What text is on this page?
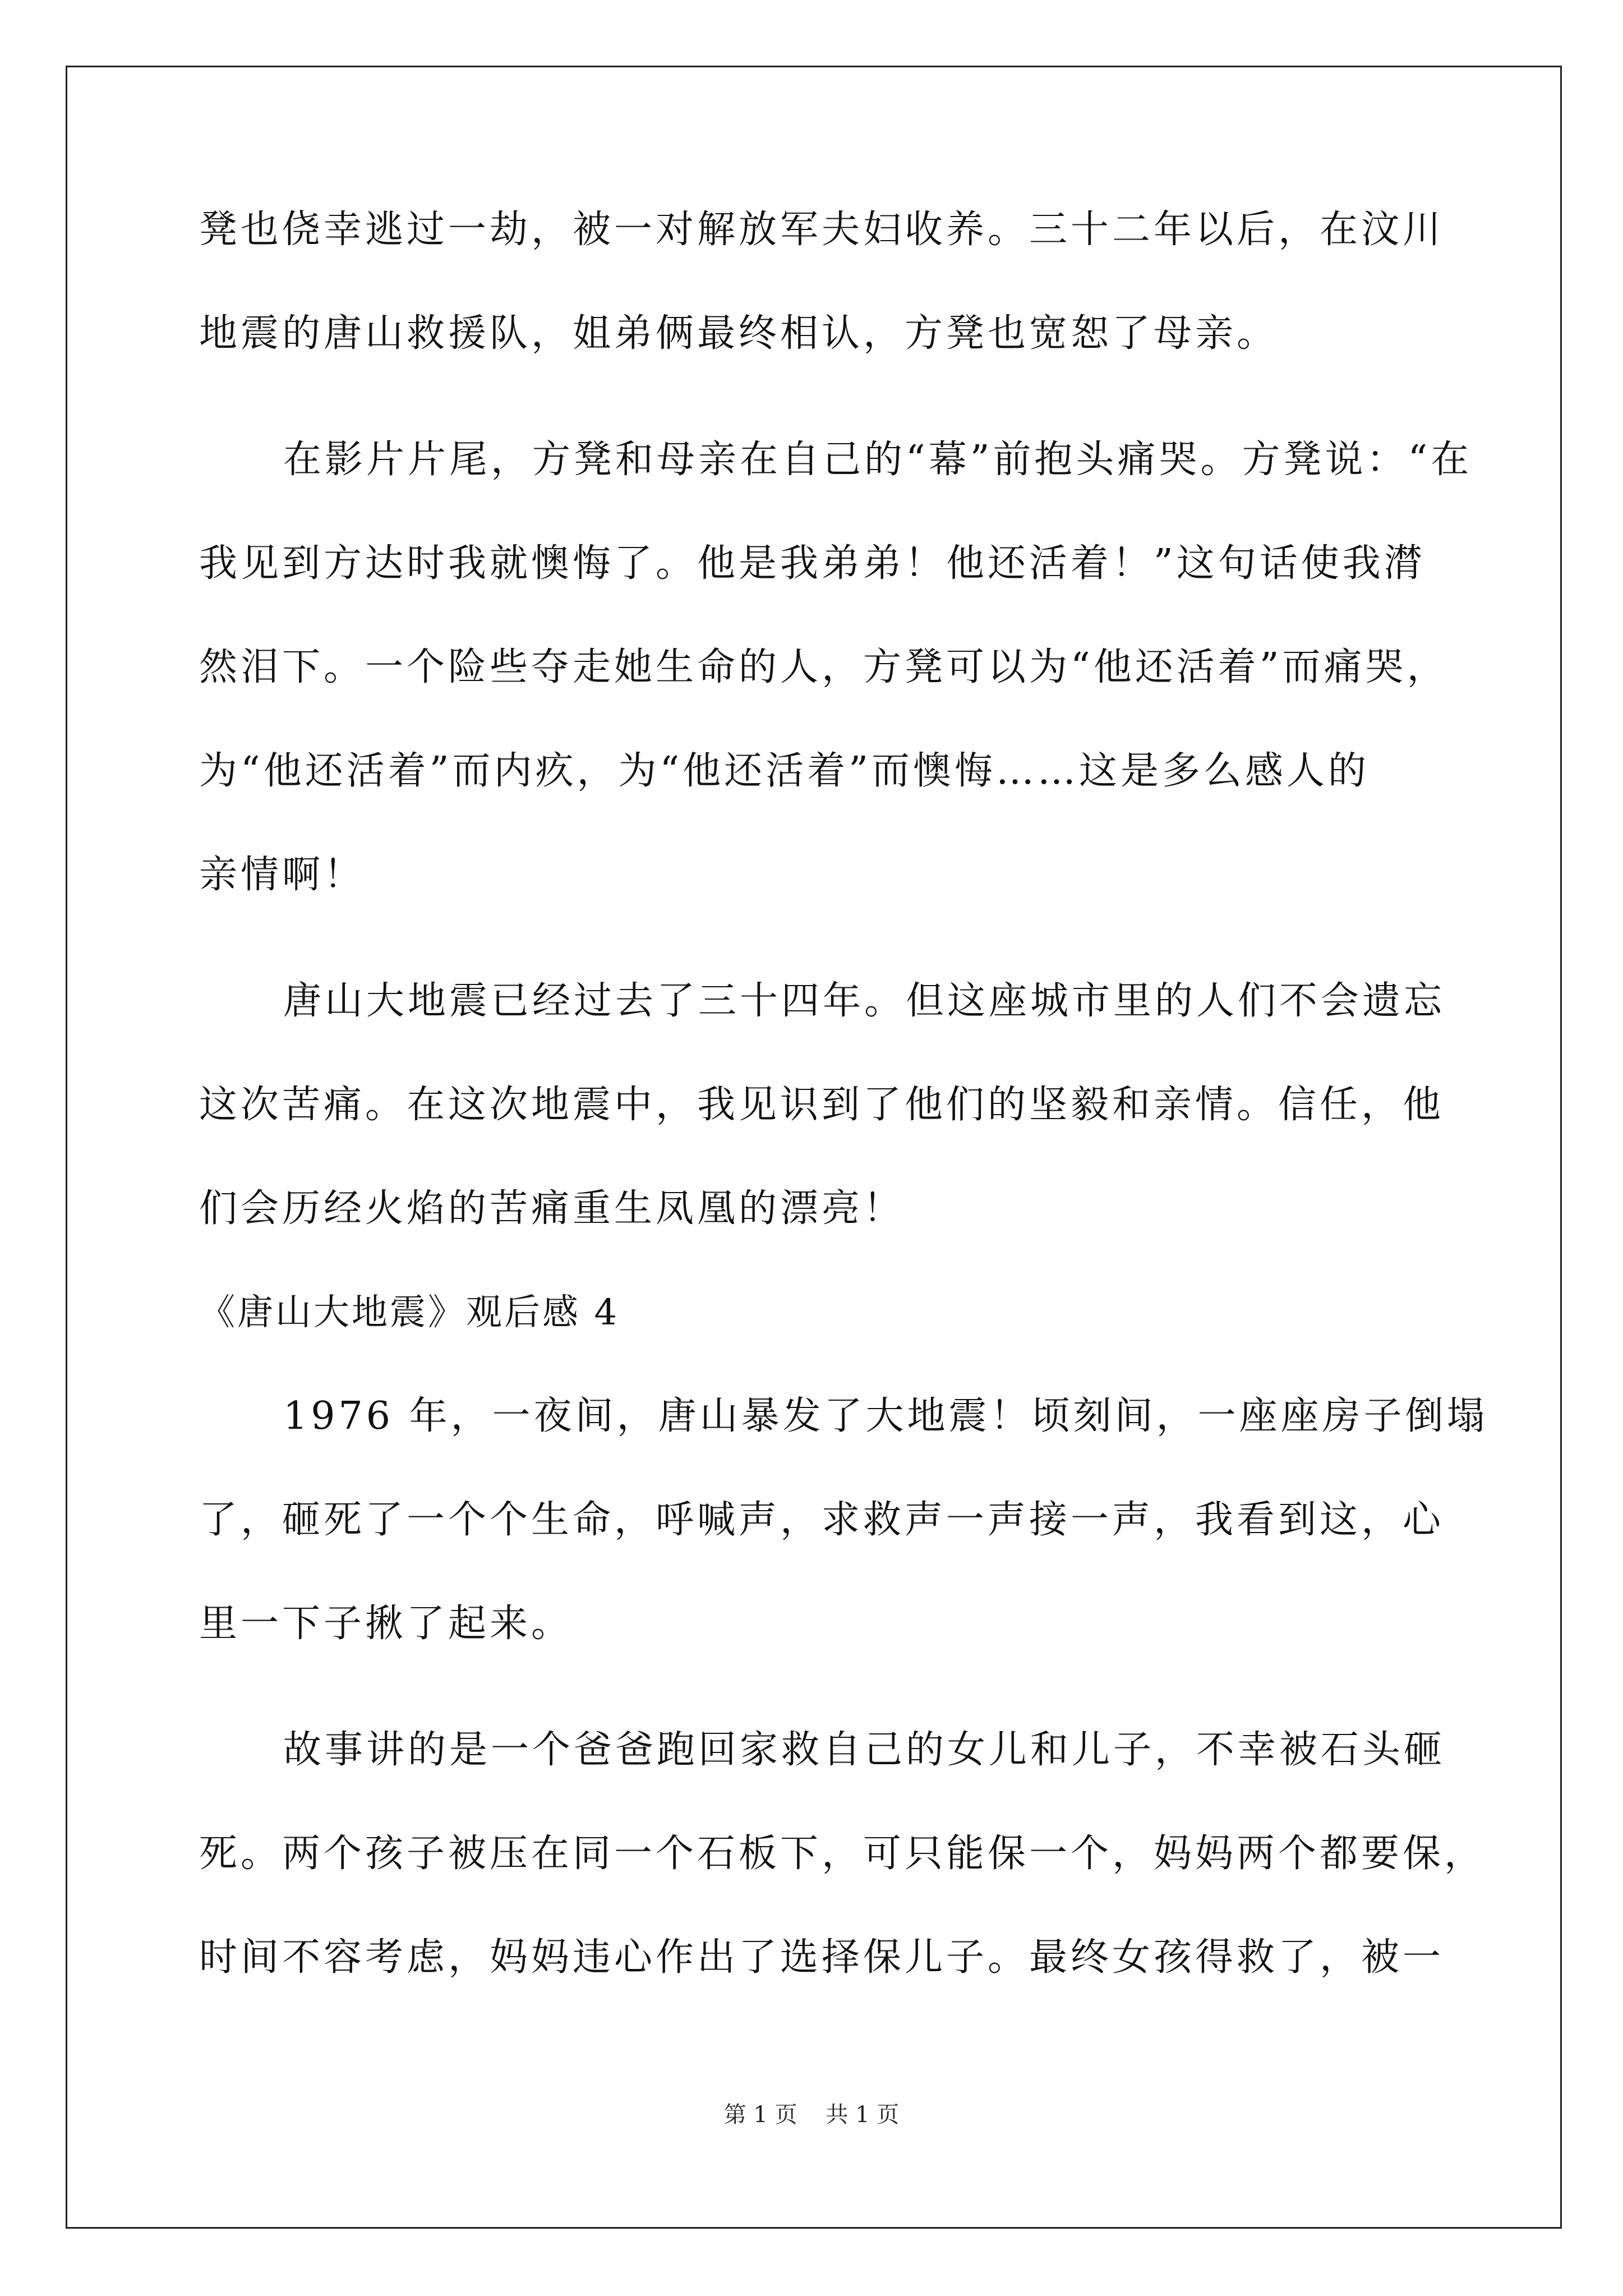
凳也侥幸逃过一劫，被一对解放军夫妇收养。三十二年以后，在汶川
地震的唐山救援队，姐弟俩最终相认，方凳也宽恕了母亲。
在影片片尾，方凳和母亲在自己的“幕”前抱头痛哭。方凳说：“在
我见到方达时我就懊悔了。他是我弟弟！他还活着！”这句话使我潸
然泪下。一个险些夺走她生命的人，方凳可以为“他还活着”而痛哭，
为“他还活着”而内疚，为“他还活着”而懊悔……这是多么感人的
亲情啊！
唐山大地震已经过去了三十四年。但这座城市里的人们不会遗忘
这次苦痛。在这次地震中，我见识到了他们的坚毅和亲情。信任，他
们会历经火焰的苦痛重生凤凰的漂亮！
《唐山大地震》观后感 4
1976 年，一夜间，唐山暴发了大地震！顷刻间，一座座房子倒塌
了，砸死了一个个生命，呼喊声，求救声一声接一声，我看到这，心
里一下子揪了起来。
故事讲的是一个爸爸跑回家救自己的女儿和儿子，不幸被石头砸
死。两个孩子被压在同一个石板下，可只能保一个，妈妈两个都要保，
时间不容考虑，妈妈违心作出了选择保儿子。最终女孩得救了，被一
第 1 页    共 1 页
